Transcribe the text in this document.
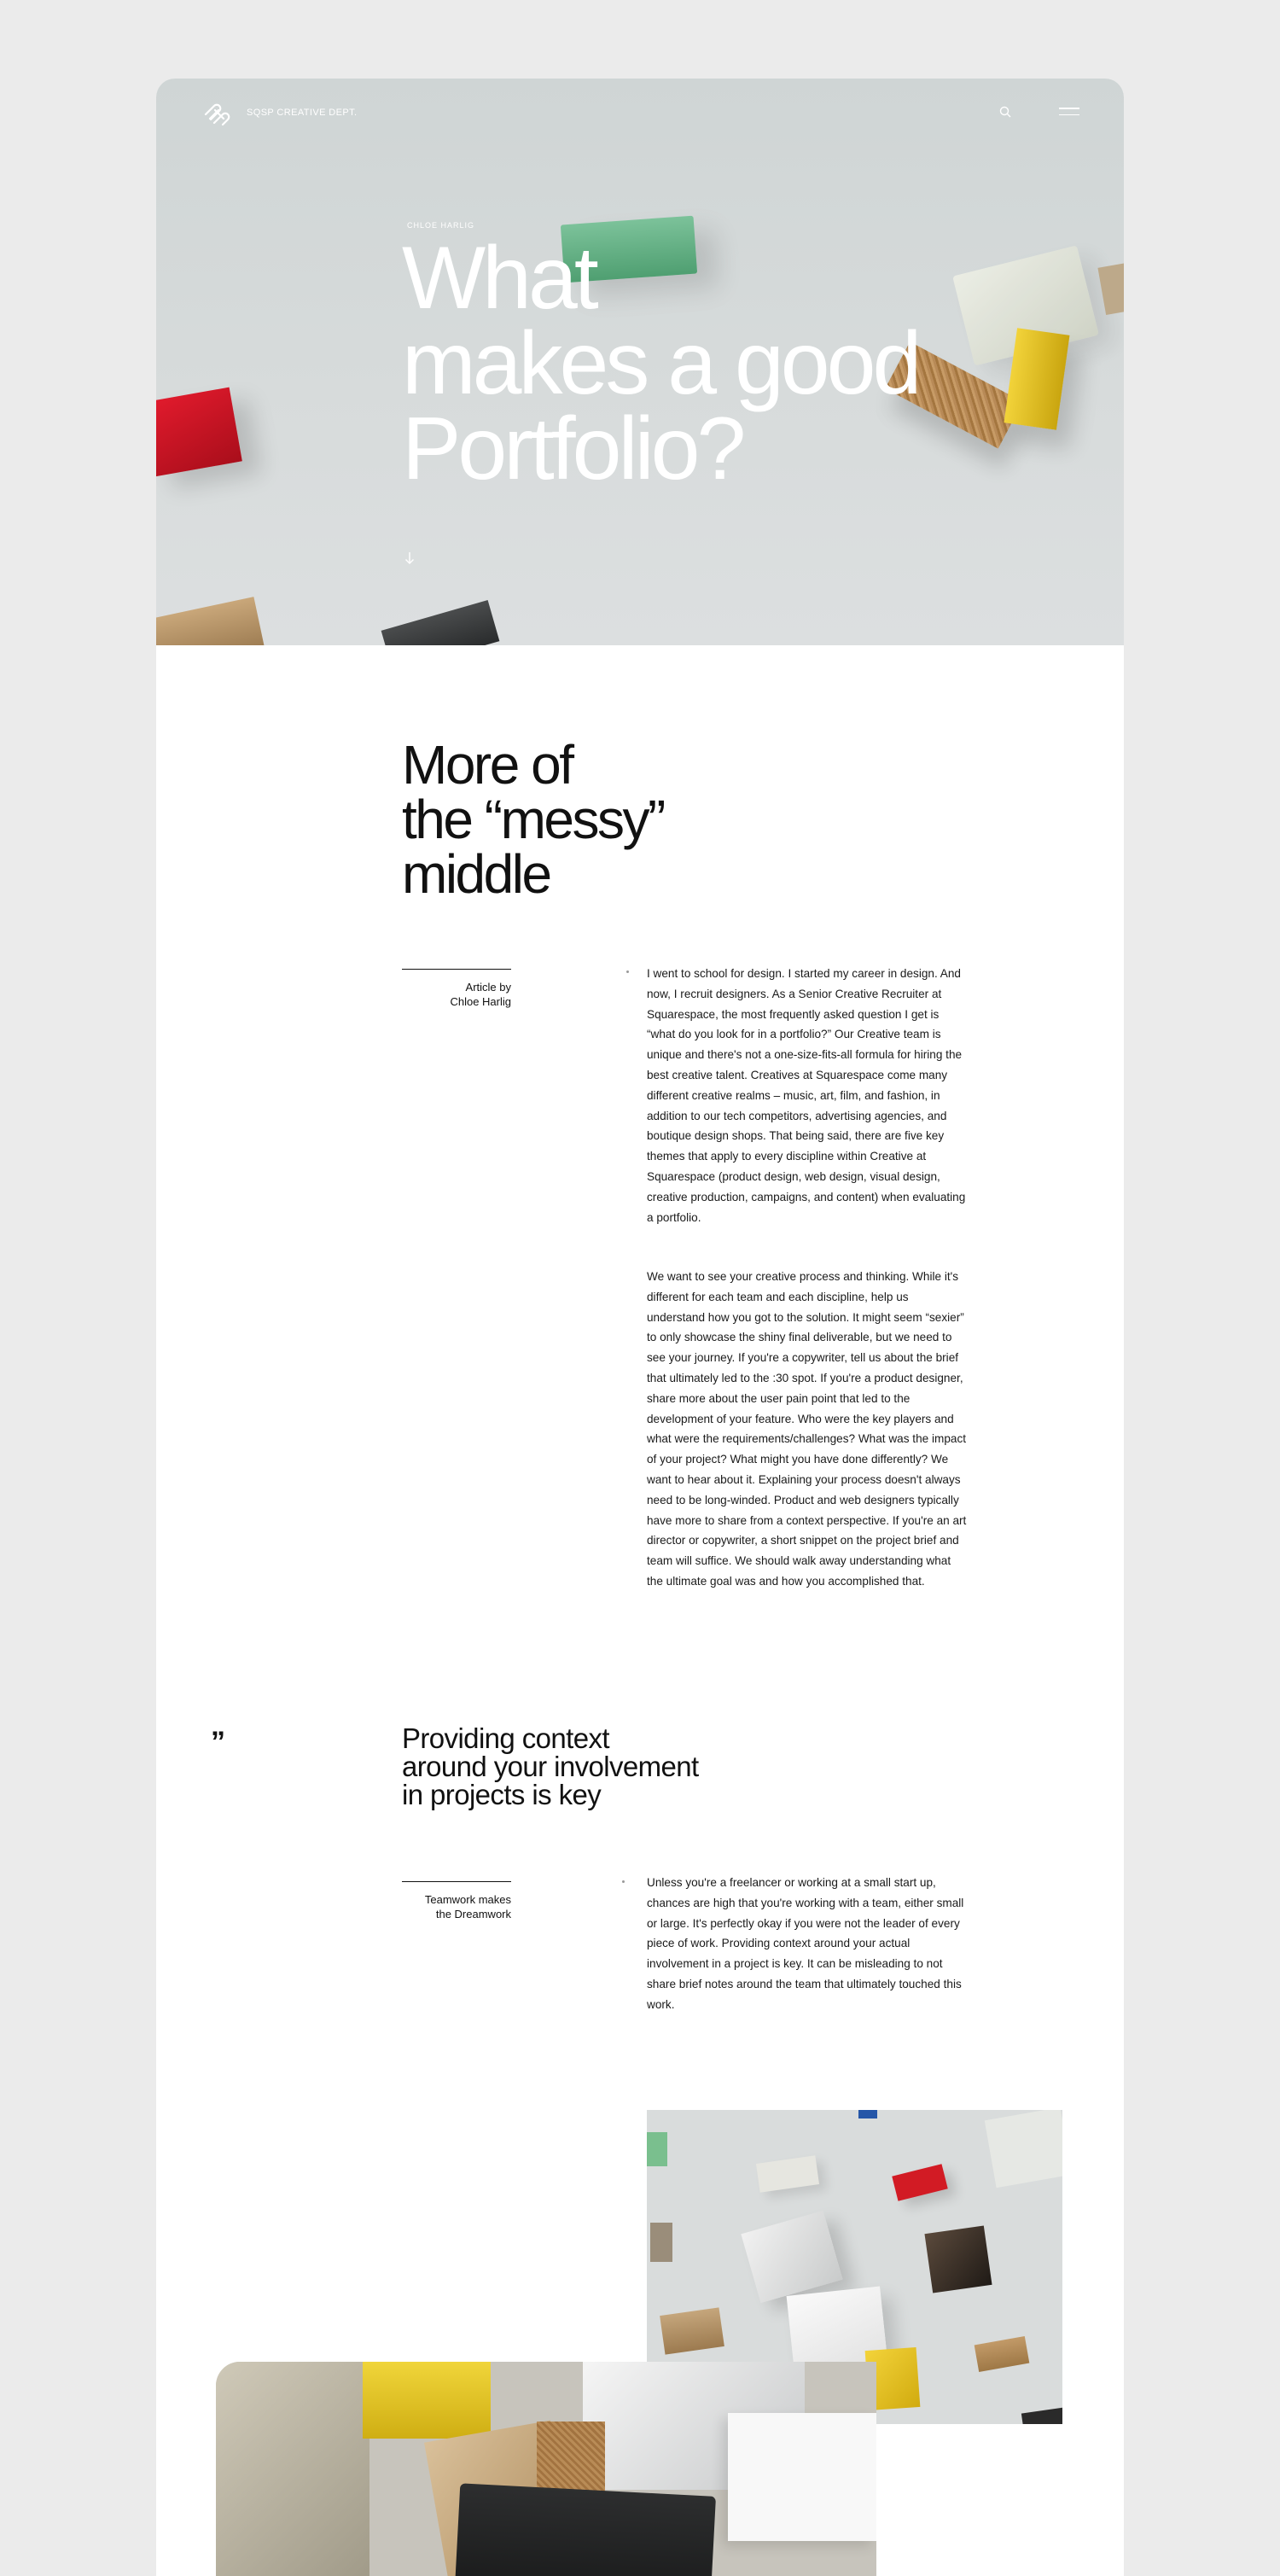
SQSP CREATIVE DEPT.
CHLOE HARLIG
What
makes a good
Portfolio?
More of
the “messy”
middle
Article by
Chloe Harlig

I went to school for design. I started my career in design. And now, I recruit designers. As a Senior Creative Recruiter at Squarespace, the most frequently asked question I get is “what do you look for in a portfolio?” Our Creative team is unique and there's not a one-size-fits-all formula for hiring the best creative talent. Creatives at Squarespace come many different creative realms – music, art, film, and fashion, in addition to our tech competitors, advertising agencies, and boutique design shops. That being said, there are five key themes that apply to every discipline within Creative at Squarespace (product design, web design, visual design, creative production, campaigns, and content) when evaluating a portfolio.

We want to see your creative process and thinking. While it's different for each team and each discipline, help us understand how you got to the solution. It might seem “sexier” to only showcase the shiny final deliverable, but we need to see your journey. If you're a copywriter, tell us about the brief that ultimately led to the :30 spot. If you're a product designer, share more about the user pain point that led to the development of your feature. Who were the key players and what were the requirements/challenges? What was the impact of your project? What might you have done differently? We want to hear about it. Explaining your process doesn't always need to be long-winded. Product and web designers typically have more to share from a context perspective. If you're an art director or copywriter, a short snippet on the project brief and team will suffice. We should walk away understanding what the ultimate goal was and how you accomplished that.

”	Providing context
around your involvement
in projects is key
Teamwork makes
the Dreamwork

Unless you're a freelancer or working at a small start up, chances are high that you're working with a team, either small or large. It's perfectly okay if you were not the leader of every piece of work. Providing context around your actual involvement in a project is key. It can be misleading to not share brief notes around the team that ultimately touched this work.
